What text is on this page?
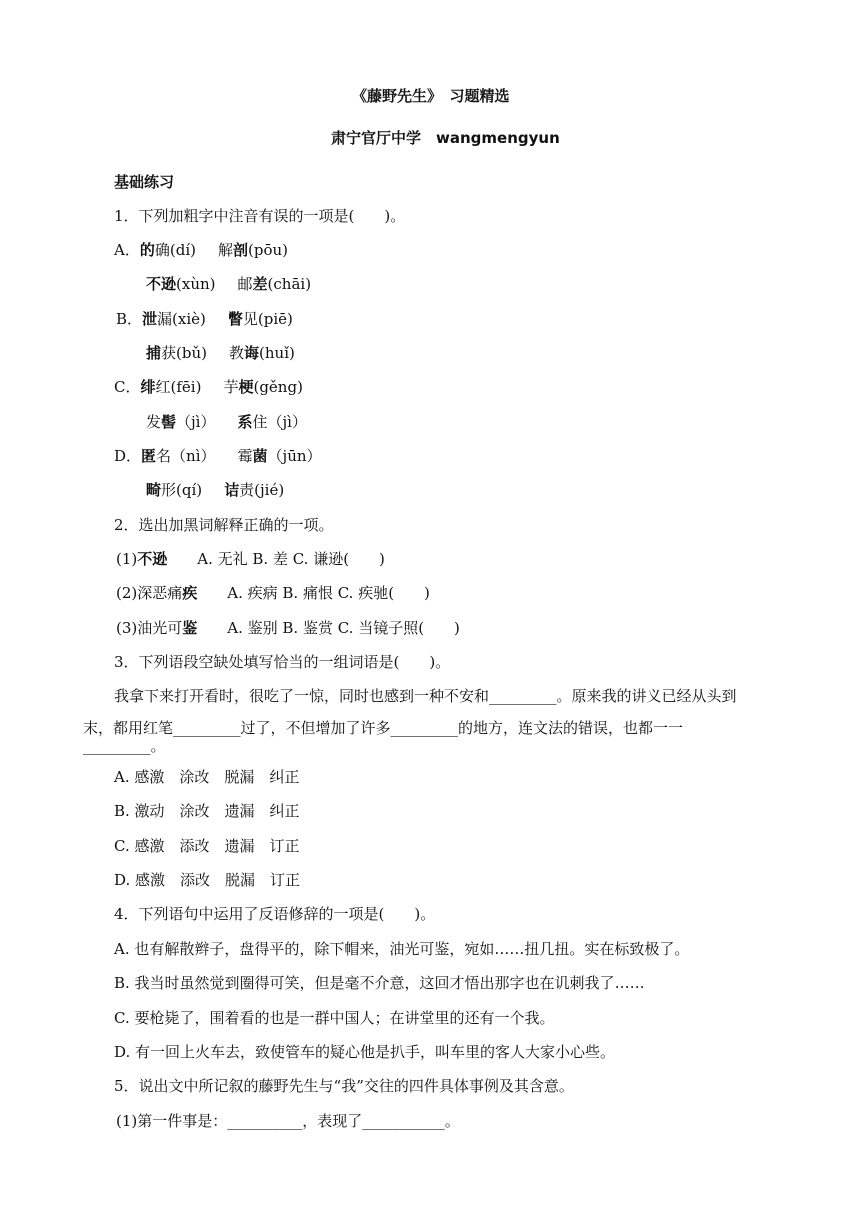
《藤野先生》　习题精选
肃宁官厅中学　wangmengyun
基础练习
1．下列加粗字中注音有误的一项是(　　)。
A．的确(dí) 解剖(pōu)
不逊(xùn) 邮差(chāi)
B．泄漏(xiè) 瞥见(piē)
捕获(bǔ) 教诲(huǐ)
C．绯红(fēi) 芋梗(gěng)
发髻（jì） 系住（jì）
D．匿名（nì） 霉菌（jūn）
畸形(qí) 诘责(jié)
2．选出加黑词解释正确的一项。
(1)不逊 A. 无礼 B. 差 C. 谦逊(　　)
(2)深恶痛疾 A. 疾病 B. 痛恨 C. 疾驰(　　)
(3)油光可鉴 A. 鉴别 B. 鉴赏 C. 当镜子照(　　)
3．下列语段空缺处填写恰当的一组词语是(　　)。
我拿下来打开看时，很吃了一惊，同时也感到一种不安和_________。原来我的讲义已经从头到
末，都用红笔_________过了，不但增加了许多_________的地方，连文法的错误，也都一一
_________。
A. 感激　涂改　脱漏　纠正
B. 激动　涂改　遗漏　纠正
C. 感激　添改　遗漏　订正
D. 感激　添改　脱漏　订正
4．下列语句中运用了反语修辞的一项是(　　)。
A. 也有解散辫子，盘得平的，除下帽来，油光可鉴，宛如……扭几扭。实在标致极了。
B. 我当时虽然觉到圈得可笑，但是毫不介意，这回才悟出那字也在讥刺我了……
C. 要枪毙了，围着看的也是一群中国人；在讲堂里的还有一个我。
D. 有一回上火车去，致使管车的疑心他是扒手，叫车里的客人大家小心些。
5．说出文中所记叙的藤野先生与“我”交往的四件具体事例及其含意。
(1)第一件事是：__________，表现了___________。
